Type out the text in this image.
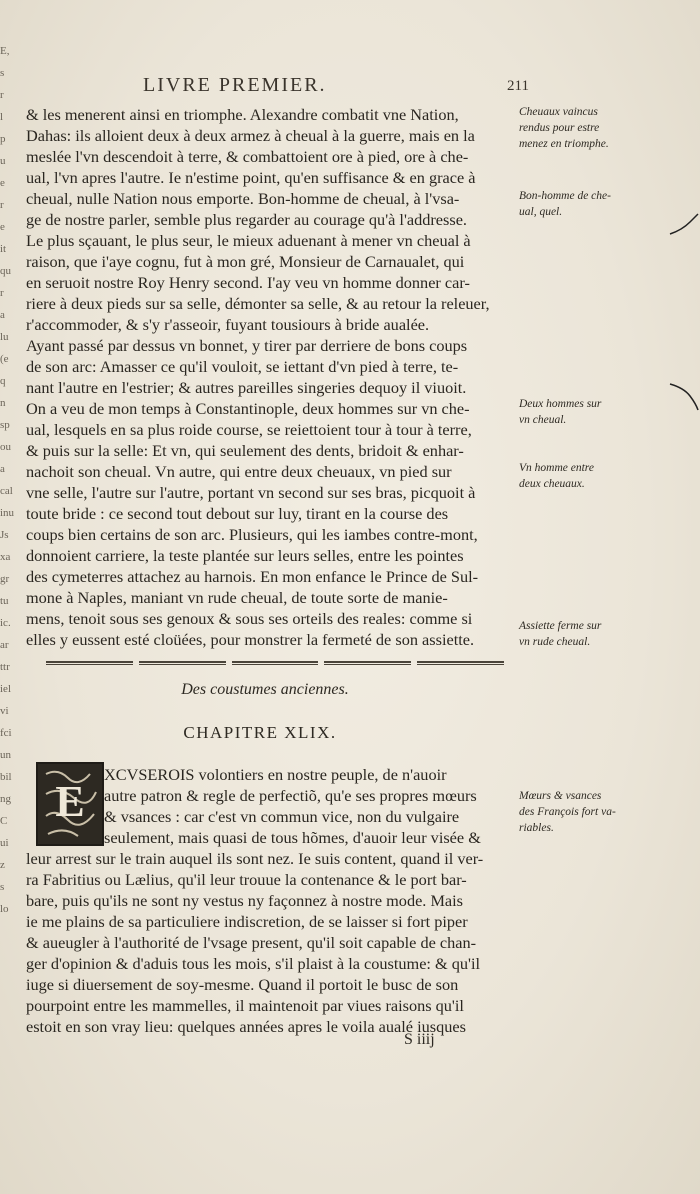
E,
s
r
l
p
u
e
r
e
it
qu
r
a
lu
(e
q
n
sp
ou
a
cal
inu
Js
xa
gr
tu
ic.
ar
ttr
iel
vi
fci
un
bil
ng
C
ui
z
s
lo
LIVRE PREMIER.	211
& les menerent ainsi en triomphe. Alexandre combatit vne Nation,
Dahas: ils alloient deux à deux armez à cheual à la guerre, mais en la
meslée l'vn descendoit à terre, & combattoient ore à pied, ore à che-
ual, l'vn apres l'autre. Ie n'estime point, qu'en suffisance & en grace à
cheual, nulle Nation nous emporte. Bon-homme de cheual, à l'vsa-
ge de nostre parler, semble plus regarder au courage qu'à l'addresse.
Le plus sçauant, le plus seur, le mieux aduenant à mener vn cheual à
raison, que i'aye cognu, fut à mon gré, Monsieur de Carnaualet, qui
en seruoit nostre Roy Henry second. I'ay veu vn homme donner car-
riere à deux pieds sur sa selle, démonter sa selle, & au retour la releuer,
r'accommoder, & s'y r'asseoir, fuyant tousiours à bride aualée.
Ayant passé par dessus vn bonnet, y tirer par derriere de bons coups
de son arc: Amasser ce qu'il vouloit, se iettant d'vn pied à terre, te-
nant l'autre en l'estrier; & autres pareilles singeries dequoy il viuoit.
On a veu de mon temps à Constantinople, deux hommes sur vn che-
ual, lesquels en sa plus roide course, se reiettoient tour à tour à terre,
& puis sur la selle: Et vn, qui seulement des dents, bridoit & enhar-
nachoit son cheual. Vn autre, qui entre deux cheuaux, vn pied sur
vne selle, l'autre sur l'autre, portant vn second sur ses bras, picquoit à
toute bride : ce second tout debout sur luy, tirant en la course des
coups bien certains de son arc. Plusieurs, qui les iambes contre-mont,
donnoient carriere, la teste plantée sur leurs selles, entre les pointes
des cymeterres attachez au harnois. En mon enfance le Prince de Sul-
mone à Naples, maniant vn rude cheual, de toute sorte de manie-
mens, tenoit sous ses genoux & sous ses orteils des reales: comme si
elles y eussent esté cloüées, pour monstrer la fermeté de son assiette.
Cheuaux vaincus
rendus pour estre
menez en triomphe.
Bon-homme de che-
ual, quel.
Deux hommes sur
vn cheual.
Vn homme entre
deux cheuaux.
Assiette ferme sur
vn rude cheual.
Mœurs & vsances
des François fort va-
riables.
Des coustumes anciennes.
CHAPITRE XLIX.
E
XCVSEROIS volontiers en nostre peuple, de n'auoir
autre patron & regle de perfectiõ, qu'e ses propres mœurs
& vsances : car c'est vn commun vice, non du vulgaire
seulement, mais quasi de tous hõmes, d'auoir leur visée &
leur arrest sur le train auquel ils sont nez. Ie suis content, quand il ver-
ra Fabritius ou Lælius, qu'il leur trouue la contenance & le port bar-
bare, puis qu'ils ne sont ny vestus ny façonnez à nostre mode. Mais
ie me plains de sa particuliere indiscretion, de se laisser si fort piper
& aueugler à l'authorité de l'vsage present, qu'il soit capable de chan-
ger d'opinion & d'aduis tous les mois, s'il plaist à la coustume: & qu'il
iuge si diuersement de soy-mesme. Quand il portoit le busc de son
pourpoint entre les mammelles, il maintenoit par viues raisons qu'il
estoit en son vray lieu: quelques années apres le voila aualé iusques
S iiij
